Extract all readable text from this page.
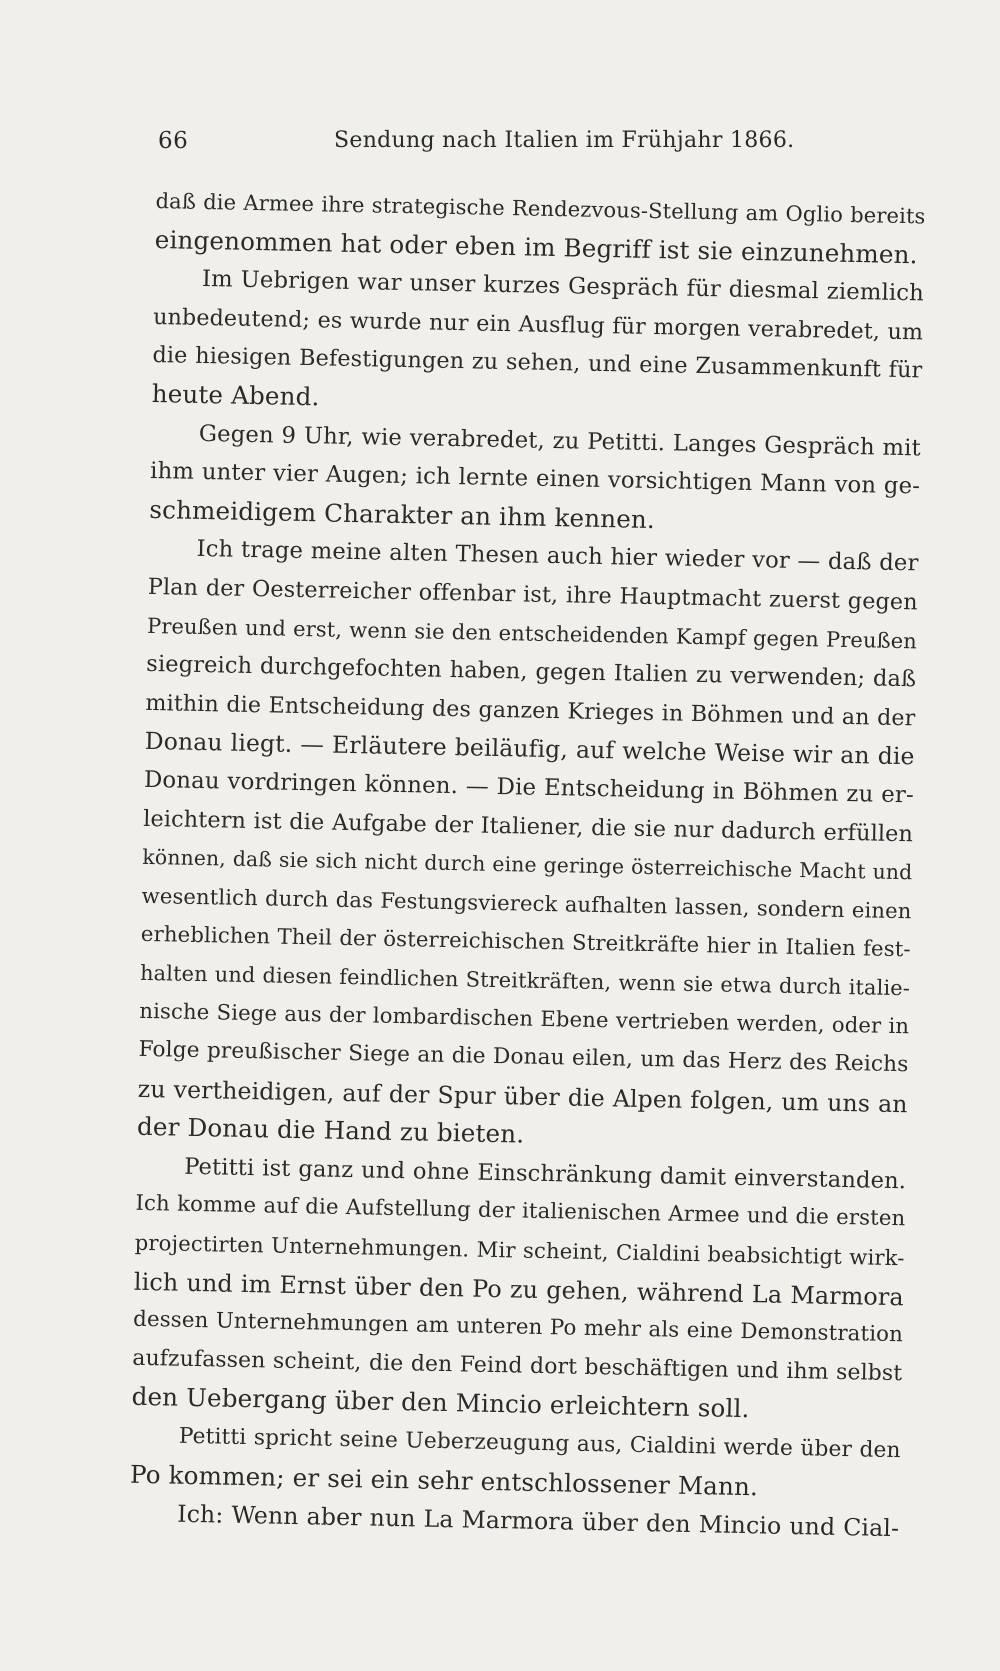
66	Sendung nach Italien im Frühjahr 1866.
daß die Armee ihre strategische Rendezvous-Stellung am Oglio bereits
eingenommen hat oder eben im Begriff ist sie einzunehmen.
Im Uebrigen war unser kurzes Gespräch für diesmal ziemlich
unbedeutend; es wurde nur ein Ausflug für morgen verabredet, um
die hiesigen Befestigungen zu sehen, und eine Zusammenkunft für
heute Abend.
Gegen 9 Uhr, wie verabredet, zu Petitti. Langes Gespräch mit
ihm unter vier Augen; ich lernte einen vorsichtigen Mann von ge-
schmeidigem Charakter an ihm kennen.
Ich trage meine alten Thesen auch hier wieder vor — daß der
Plan der Oesterreicher offenbar ist, ihre Hauptmacht zuerst gegen
Preußen und erst, wenn sie den entscheidenden Kampf gegen Preußen
siegreich durchgefochten haben, gegen Italien zu verwenden; daß
mithin die Entscheidung des ganzen Krieges in Böhmen und an der
Donau liegt. — Erläutere beiläufig, auf welche Weise wir an die
Donau vordringen können. — Die Entscheidung in Böhmen zu er-
leichtern ist die Aufgabe der Italiener, die sie nur dadurch erfüllen
können, daß sie sich nicht durch eine geringe österreichische Macht und
wesentlich durch das Festungsviereck aufhalten lassen, sondern einen
erheblichen Theil der österreichischen Streitkräfte hier in Italien fest-
halten und diesen feindlichen Streitkräften, wenn sie etwa durch italie-
nische Siege aus der lombardischen Ebene vertrieben werden, oder in
Folge preußischer Siege an die Donau eilen, um das Herz des Reichs
zu vertheidigen, auf der Spur über die Alpen folgen, um uns an
der Donau die Hand zu bieten.
Petitti ist ganz und ohne Einschränkung damit einverstanden.
Ich komme auf die Aufstellung der italienischen Armee und die ersten
projectirten Unternehmungen. Mir scheint, Cialdini beabsichtigt wirk-
lich und im Ernst über den Po zu gehen, während La Marmora
dessen Unternehmungen am unteren Po mehr als eine Demonstration
aufzufassen scheint, die den Feind dort beschäftigen und ihm selbst
den Uebergang über den Mincio erleichtern soll.
Petitti spricht seine Ueberzeugung aus, Cialdini werde über den
Po kommen; er sei ein sehr entschlossener Mann.
Ich: Wenn aber nun La Marmora über den Mincio und Cial-
